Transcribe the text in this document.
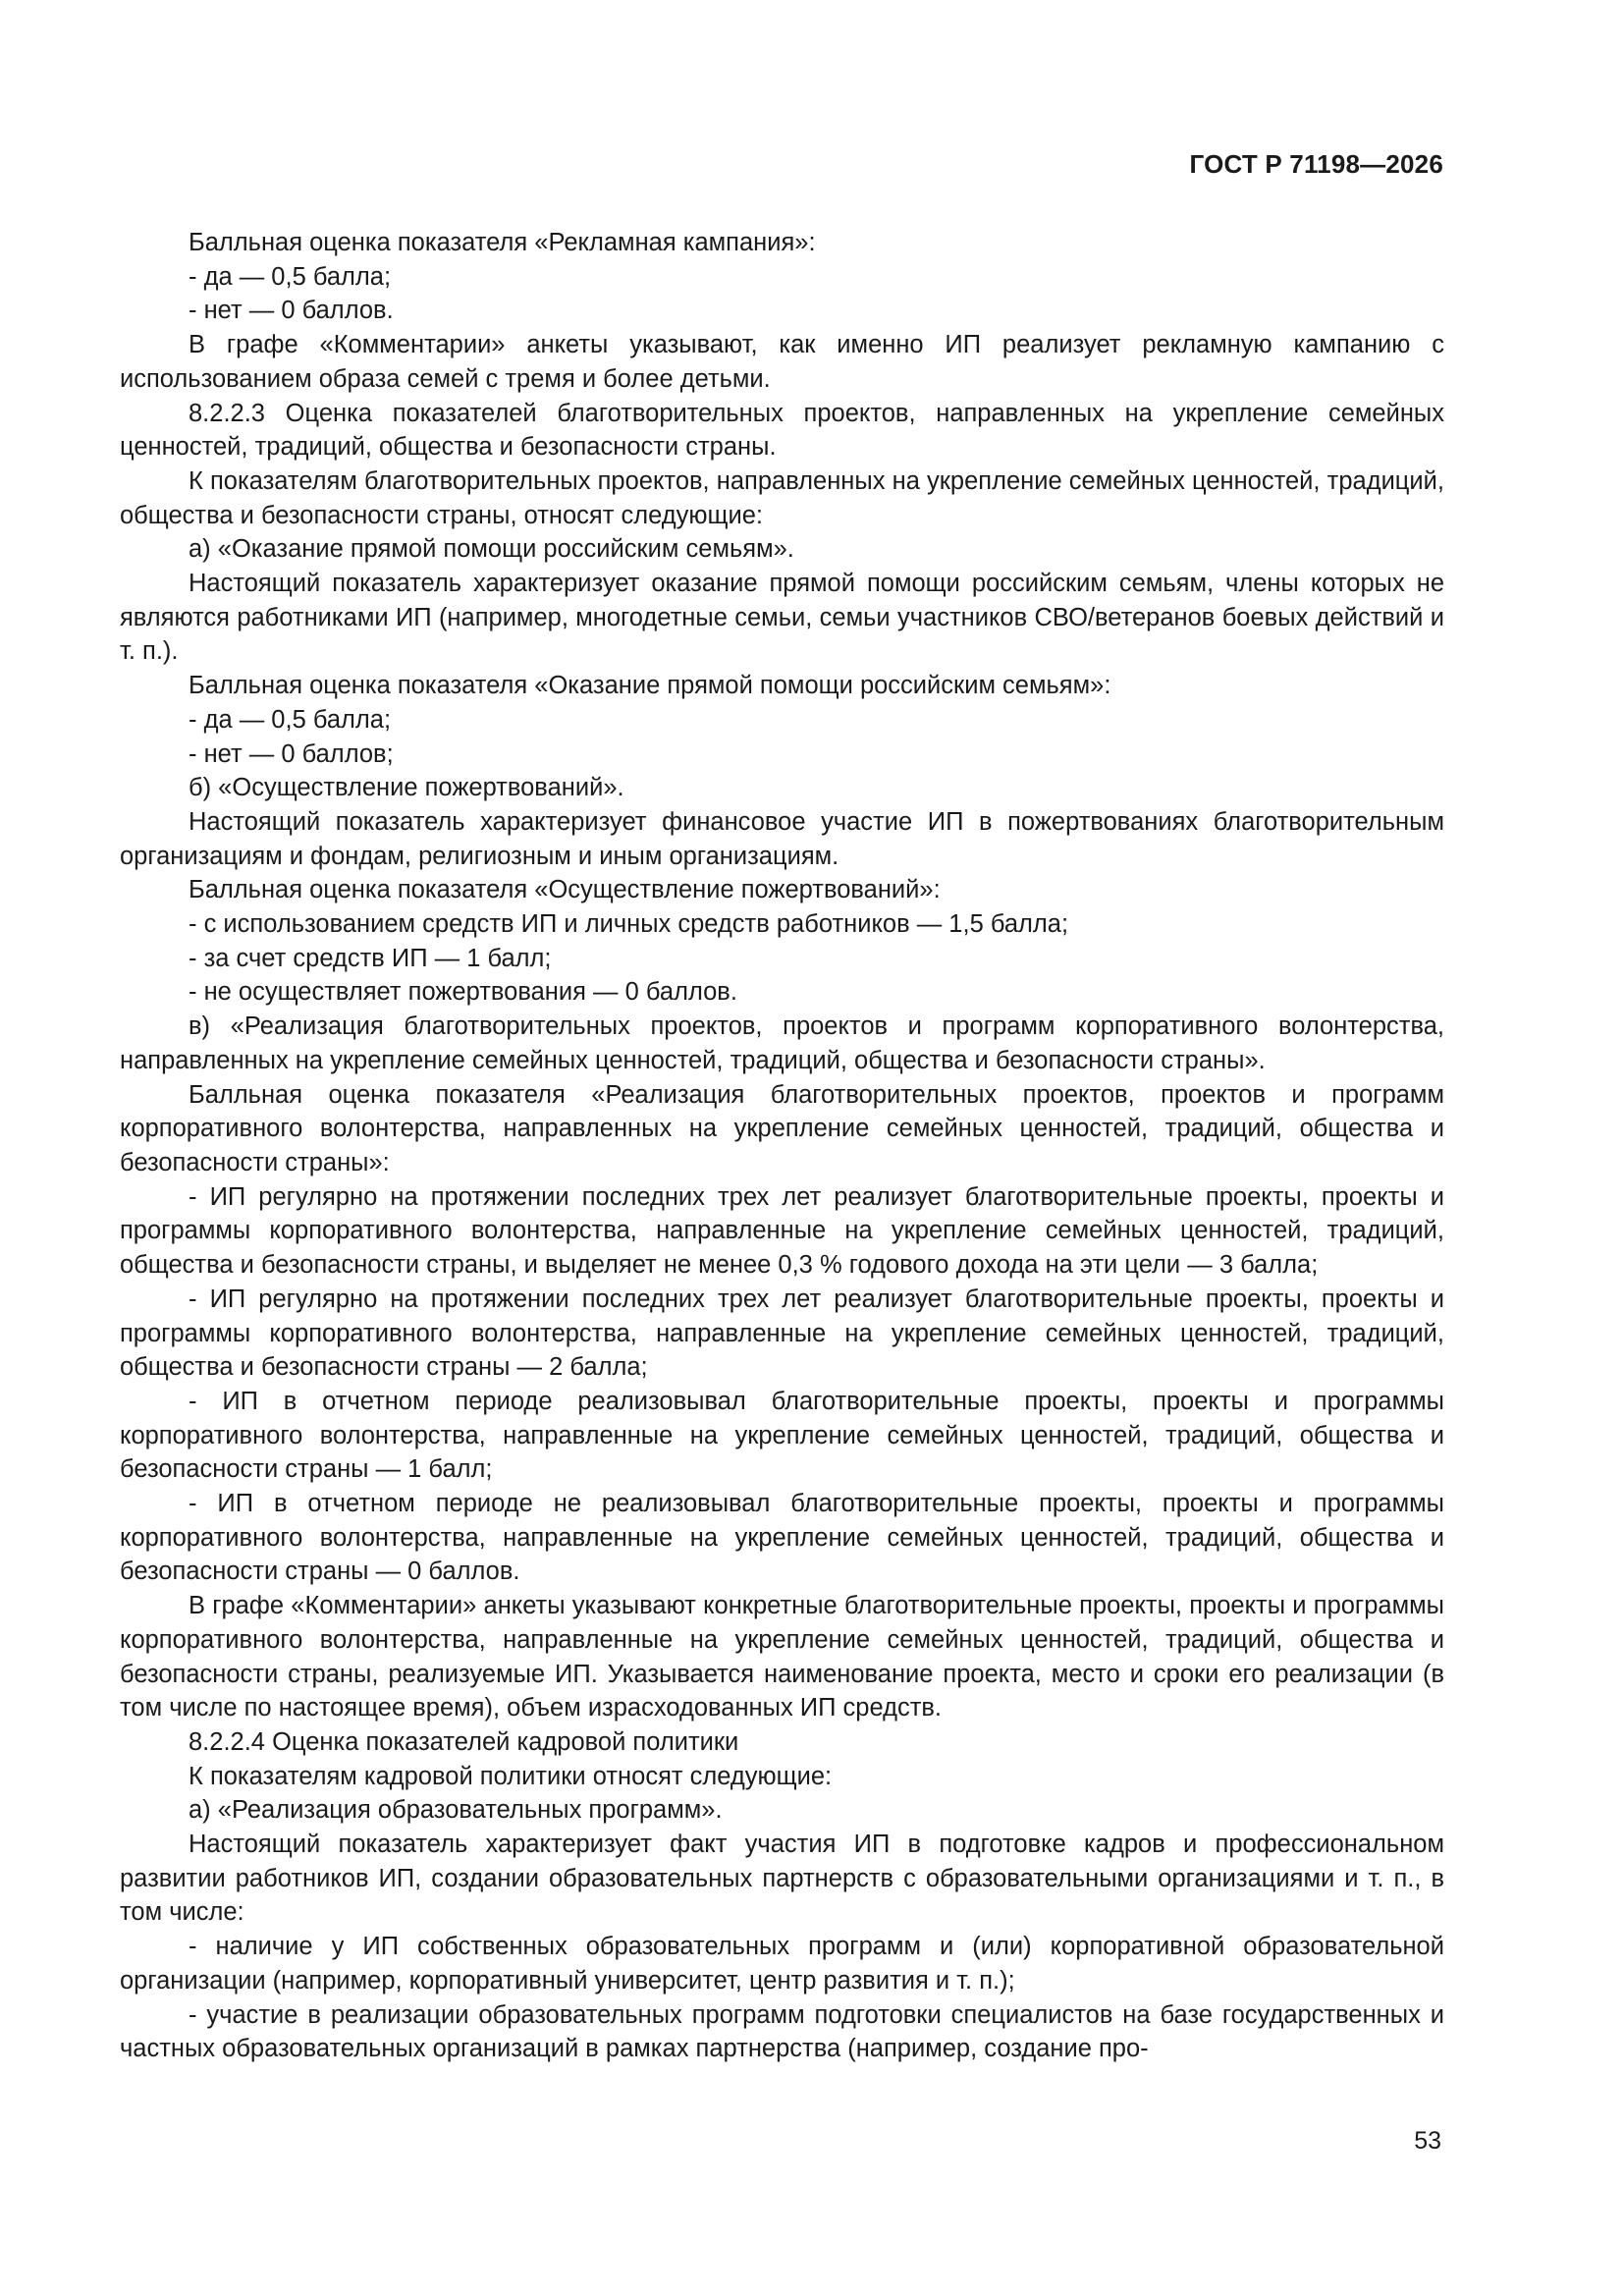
ГОСТ Р 71198—2026

Балльная оценка показателя «Рекламная кампания»:

- да — 0,5 балла;

- нет — 0 баллов.

В графе «Комментарии» анкеты указывают, как именно ИП реализует рекламную кампанию с использованием образа семей с тремя и более детьми.

8.2.2.3 Оценка показателей благотворительных проектов, направленных на укрепление семейных ценностей, традиций, общества и безопасности страны.

К показателям благотворительных проектов, направленных на укрепление семейных ценностей, традиций, общества и безопасности страны, относят следующие:

а) «Оказание прямой помощи российским семьям».

Настоящий показатель характеризует оказание прямой помощи российским семьям, члены которых не являются работниками ИП (например, многодетные семьи, семьи участников СВО/ветеранов боевых действий и т. п.).

Балльная оценка показателя «Оказание прямой помощи российским семьям»:

- да — 0,5 балла;

- нет — 0 баллов;

б) «Осуществление пожертвований».

Настоящий показатель характеризует финансовое участие ИП в пожертвованиях благотворительным организациям и фондам, религиозным и иным организациям.

Балльная оценка показателя «Осуществление пожертвований»:

- с использованием средств ИП и личных средств работников — 1,5 балла;

- за счет средств ИП — 1 балл;

- не осуществляет пожертвования — 0 баллов.

в) «Реализация благотворительных проектов, проектов и программ корпоративного волонтерства, направленных на укрепление семейных ценностей, традиций, общества и безопасности страны».

Балльная оценка показателя «Реализация благотворительных проектов, проектов и программ корпоративного волонтерства, направленных на укрепление семейных ценностей, традиций, общества и безопасности страны»:

- ИП регулярно на протяжении последних трех лет реализует благотворительные проекты, проекты и программы корпоративного волонтерства, направленные на укрепление семейных ценностей, традиций, общества и безопасности страны, и выделяет не менее 0,3 % годового дохода на эти цели — 3 балла;

- ИП регулярно на протяжении последних трех лет реализует благотворительные проекты, проекты и программы корпоративного волонтерства, направленные на укрепление семейных ценностей, традиций, общества и безопасности страны — 2 балла;

- ИП в отчетном периоде реализовывал благотворительные проекты, проекты и программы корпоративного волонтерства, направленные на укрепление семейных ценностей, традиций, общества и безопасности страны — 1 балл;

- ИП в отчетном периоде не реализовывал благотворительные проекты, проекты и программы корпоративного волонтерства, направленные на укрепление семейных ценностей, традиций, общества и безопасности страны — 0 баллов.

В графе «Комментарии» анкеты указывают конкретные благотворительные проекты, проекты и программы корпоративного волонтерства, направленные на укрепление семейных ценностей, традиций, общества и безопасности страны, реализуемые ИП. Указывается наименование проекта, место и сроки его реализации (в том числе по настоящее время), объем израсходованных ИП средств.

8.2.2.4 Оценка показателей кадровой политики

К показателям кадровой политики относят следующие:

а) «Реализация образовательных программ».

Настоящий показатель характеризует факт участия ИП в подготовке кадров и профессиональном развитии работников ИП, создании образовательных партнерств с образовательными организациями и т. п., в том числе:

- наличие у ИП собственных образовательных программ и (или) корпоративной образовательной организации (например, корпоративный университет, центр развития и т. п.);

- участие в реализации образовательных программ подготовки специалистов на базе государственных и частных образовательных организаций в рамках партнерства (например, создание про-

53
